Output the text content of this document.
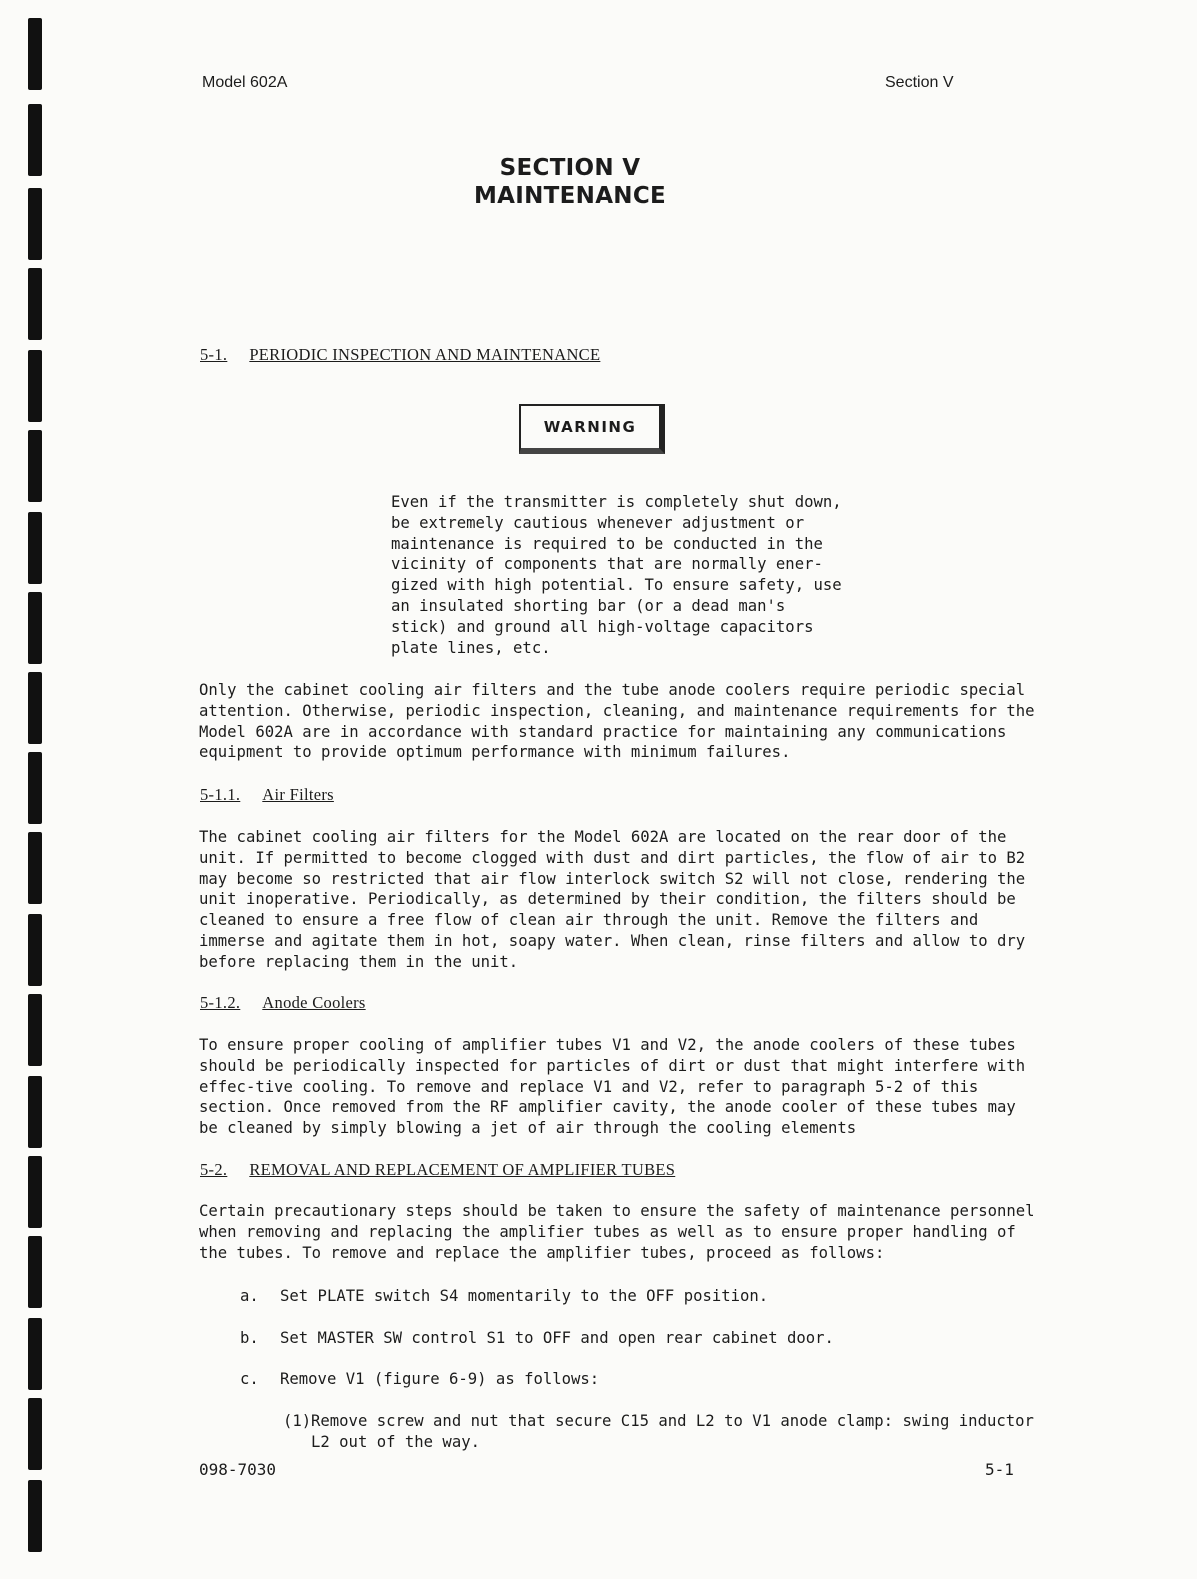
Model 602A	Section V
SECTION V
MAINTENANCE
5-1. PERIODIC INSPECTION AND MAINTENANCE
WARNING

Even if the transmitter is completely shut down, be extremely cautious whenever adjustment or maintenance is required to be conducted in the vicinity of components that are normally ener-gized with high potential. To ensure safety, use an insulated shorting bar (or a dead man's stick) and ground all high-voltage capacitors plate lines, etc.

Only the cabinet cooling air filters and the tube anode coolers require periodic special attention. Otherwise, periodic inspection, cleaning, and maintenance requirements for the Model 602A are in accordance with standard practice for maintaining any communications equipment to provide optimum performance with minimum failures.

5-1.1. Air Filters

The cabinet cooling air filters for the Model 602A are located on the rear door of the unit. If permitted to become clogged with dust and dirt particles, the flow of air to B2 may become so restricted that air flow interlock switch S2 will not close, rendering the unit inoperative. Periodically, as determined by their condition, the filters should be cleaned to ensure a free flow of clean air through the unit. Remove the filters and immerse and agitate them in hot, soapy water. When clean, rinse filters and allow to dry before replacing them in the unit.

5-1.2. Anode Coolers

To ensure proper cooling of amplifier tubes V1 and V2, the anode coolers of these tubes should be periodically inspected for particles of dirt or dust that might interfere with effec-tive cooling. To remove and replace V1 and V2, refer to paragraph 5-2 of this section. Once removed from the RF amplifier cavity, the anode cooler of these tubes may be cleaned by simply blowing a jet of air through the cooling elements

5-2. REMOVAL AND REPLACEMENT OF AMPLIFIER TUBES

Certain precautionary steps should be taken to ensure the safety of maintenance personnel when removing and replacing the amplifier tubes as well as to ensure proper handling of the tubes. To remove and replace the amplifier tubes, proceed as follows:

a. Set PLATE switch S4 momentarily to the OFF position.
b. Set MASTER SW control S1 to OFF and open rear cabinet door.
c. Remove V1 (figure 6-9) as follows:
(1) Remove screw and nut that secure C15 and L2 to V1 anode clamp: swing inductor L2 out of the way.
098-7030	5-1
